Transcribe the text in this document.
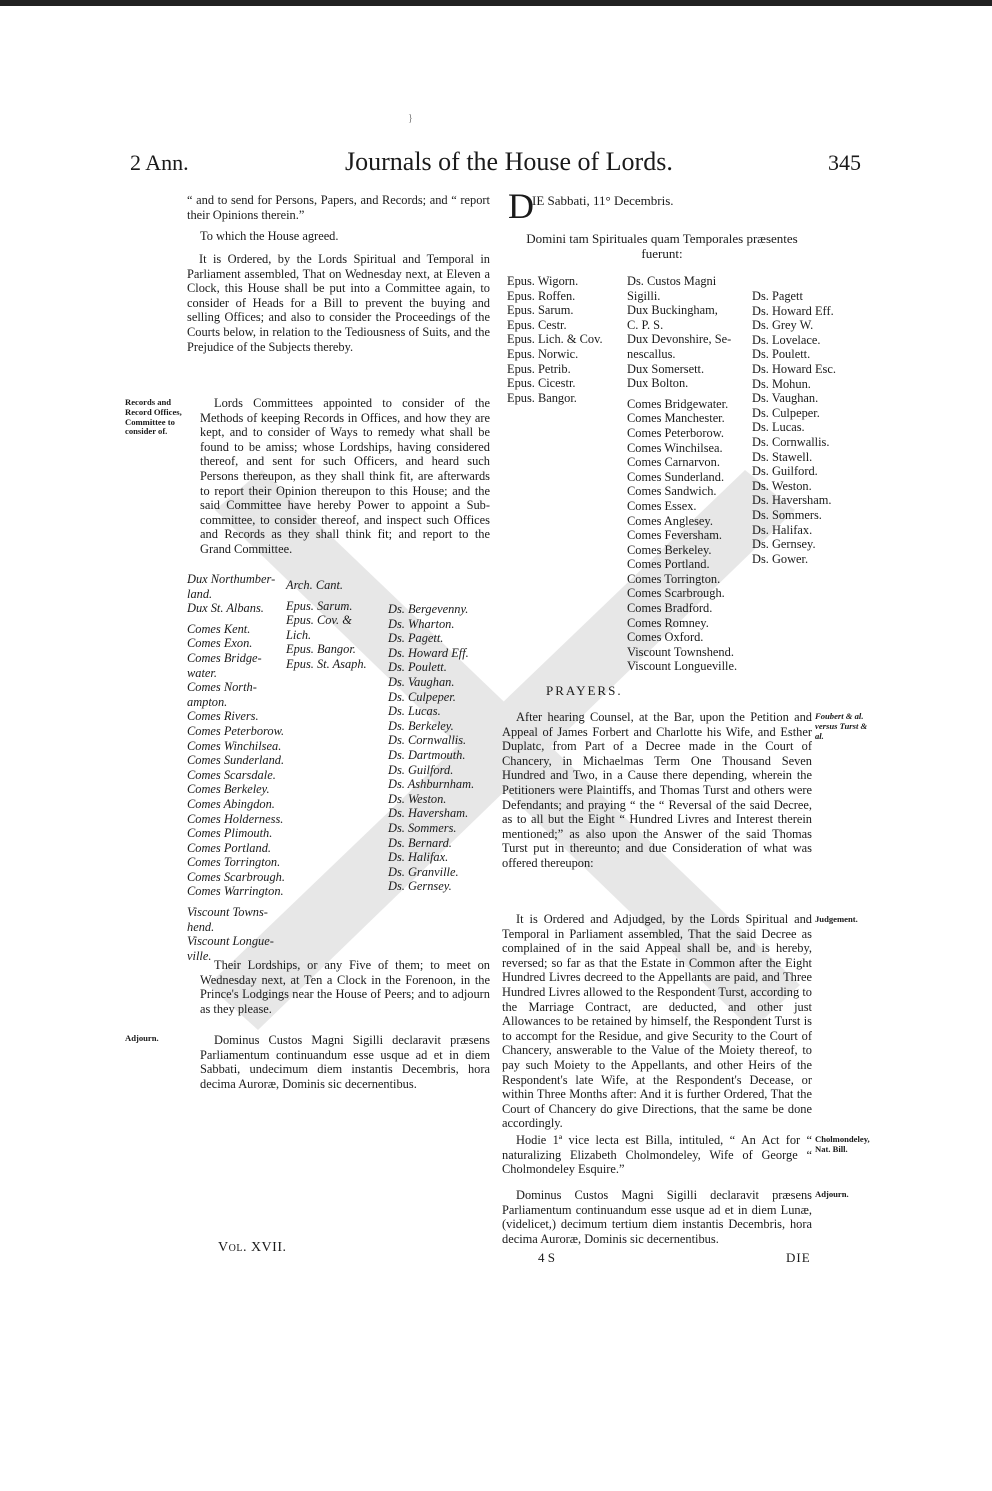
2 Ann.	Journals of the House of Lords.	345
}

“ and to send for Persons, Papers, and Records; and “ report their Opinions therein.”

To which the House agreed.

It is Ordered, by the Lords Spiritual and Temporal in Parliament assembled, That on Wednesday next, at Eleven a Clock, this House shall be put into a Committee again, to consider of Heads for a Bill to prevent the buying and selling Offices; and also to consider the Proceedings of the Courts below, in relation to the Tediousness of Suits, and the Prejudice of the Subjects thereby.

Records and Record Offices, Committee to consider of.

Lords Committees appointed to consider of the Methods of keeping Records in Offices, and how they are kept, and to consider of Ways to remedy what shall be found to be amiss; whose Lordships, having considered thereof, and sent for such Officers, and heard such Persons thereupon, as they shall think fit, are afterwards to report their Opinion thereupon to this House; and the said Committee have hereby Power to appoint a Sub-committee, to consider thereof, and inspect such Offices and Records as they shall think fit; and report to the Grand Committee.

Dux Northumber-
land.
Dux St. Albans.

Comes Kent.
Comes Exon.
Comes Bridge-
water.
Comes North-
ampton.
Comes Rivers.
Comes Peterborow.
Comes Winchilsea.
Comes Sunderland.
Comes Scarsdale.
Comes Berkeley.
Comes Abingdon.
Comes Holderness.
Comes Plimouth.
Comes Portland.
Comes Torrington.
Comes Scarbrough.
Comes Warrington.

Viscount Towns-
hend.
Viscount Longue-
ville.

Arch. Cant.

Epus. Sarum.
Epus. Cov. &
Lich.
Epus. Bangor.
Epus. St. Asaph.
Ds. Bergevenny.
Ds. Wharton.
Ds. Pagett.
Ds. Howard Eff.
Ds. Poulett.
Ds. Vaughan.
Ds. Culpeper.
Ds. Lucas.
Ds. Berkeley.
Ds. Cornwallis.
Ds. Dartmouth.
Ds. Guilford.
Ds. Ashburnham.
Ds. Weston.
Ds. Haversham.
Ds. Sommers.
Ds. Bernard.
Ds. Halifax.
Ds. Granville.
Ds. Gernsey.

Their Lordships, or any Five of them; to meet on Wednesday next, at Ten a Clock in the Forenoon, in the Prince's Lodgings near the House of Peers; and to adjourn as they please.

Adjourn.	Dominus Custos Magni Sigilli declaravit præsens Parliamentum continuandum esse usque ad et in diem Sabbati, undecimum diem instantis Decembris, hora decima Auroræ, Dominis sic decernentibus.

Vol. XVII.
D
IE Sabbati, 11° Decembris.

Domini tam Spirituales quam Temporales præsentes fuerunt:

Epus. Wigorn.
Epus. Roffen.
Epus. Sarum.
Epus. Cestr.
Epus. Lich. & Cov.
Epus. Norwic.
Epus. Petrib.
Epus. Cicestr.
Epus. Bangor.
Ds. Custos Magni
Sigilli.
Dux Buckingham,
C. P. S.
Dux Devonshire, Se-
nescallus.
Dux Somersett.
Dux Bolton.

Comes Bridgewater.
Comes Manchester.
Comes Peterborow.
Comes Winchilsea.
Comes Carnarvon.
Comes Sunderland.
Comes Sandwich.
Comes Essex.
Comes Anglesey.
Comes Feversham.
Comes Berkeley.
Comes Portland.
Comes Torrington.
Comes Scarbrough.
Comes Bradford.
Comes Romney.
Comes Oxford.
Viscount Townshend.
Viscount Longueville.
Ds. Pagett
Ds. Howard Eff.
Ds. Grey W.
Ds. Lovelace.
Ds. Poulett.
Ds. Howard Esc.
Ds. Mohun.
Ds. Vaughan.
Ds. Culpeper.
Ds. Lucas.
Ds. Cornwallis.
Ds. Stawell.
Ds. Guilford.
Ds. Weston.
Ds. Haversham.
Ds. Sommers.
Ds. Halifax.
Ds. Gernsey.
Ds. Gower.
PRAYERS.
Foubert & al. versus Turst & al.

After hearing Counsel, at the Bar, upon the Petition and Appeal of James Forbert and Charlotte his Wife, and Esther Duplatc, from Part of a Decree made in the Court of Chancery, in Michaelmas Term One Thousand Seven Hundred and Two, in a Cause there depending, wherein the Petitioners were Plaintiffs, and Thomas Turst and others were Defendants; and praying “ the “ Reversal of the said Decree, as to all but the Eight “ Hundred Livres and Interest therein mentioned;” as also upon the Answer of the said Thomas Turst put in thereunto; and due Consideration of what was offered thereupon:

Judgement.

It is Ordered and Adjudged, by the Lords Spiritual and Temporal in Parliament assembled, That the said Decree as complained of in the said Appeal shall be, and is hereby, reversed; so far as that the Estate in Common after the Eight Hundred Livres decreed to the Appellants are paid, and Three Hundred Livres allowed to the Respondent Turst, according to the Marriage Contract, are deducted, and other just Allowances to be retained by himself, the Respondent Turst is to accompt for the Residue, and give Security to the Court of Chancery, answerable to the Value of the Moiety thereof, to pay such Moiety to the Appellants, and other Heirs of the Respondent's late Wife, at the Respondent's Decease, or within Three Months after: And it is further Ordered, That the Court of Chancery do give Directions, that the same be done accordingly.

Cholmondeley, Nat. Bill.

Hodie 1ª vice lecta est Billa, intituled, “ An Act for “ naturalizing Elizabeth Cholmondeley, Wife of George “ Cholmondeley Esquire.”

Adjourn.

Dominus Custos Magni Sigilli declaravit præsens Parliamentum continuandum esse usque ad et in diem Lunæ, (videlicet,) decimum tertium diem instantis Decembris, hora decima Auroræ, Dominis sic decernentibus.

4 S	DIE
